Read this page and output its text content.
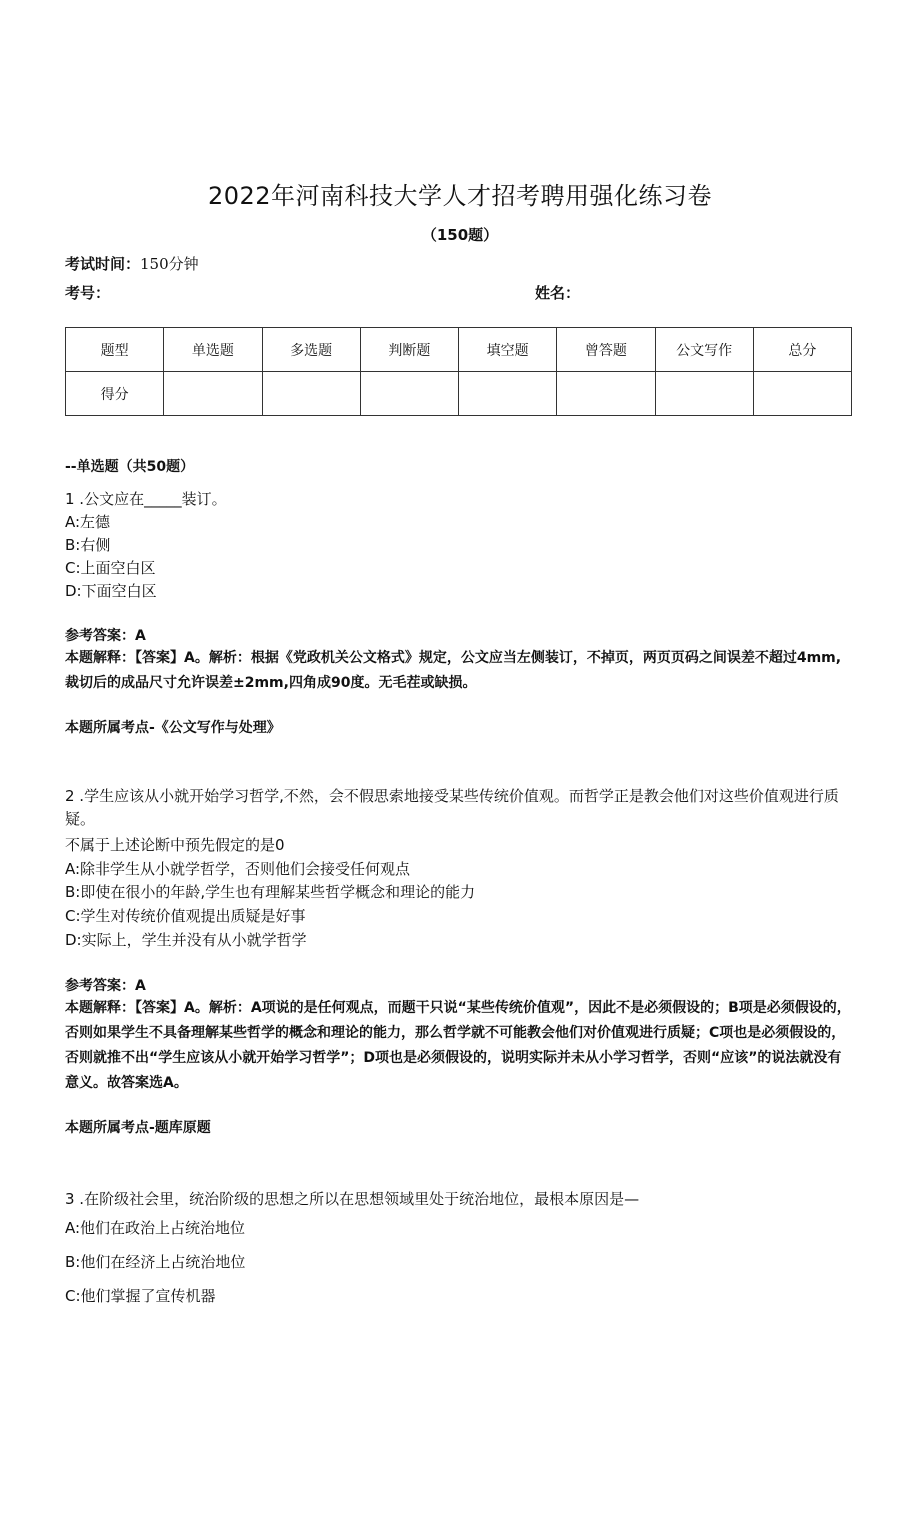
2022年河南科技大学人才招考聘用强化练习卷
（150题）
考试时间：150分钟
考号：	姓名：
题型	单选题	多选题	判断题	填空题	曾答题	公文写作	总分
得分							
--单选题（共50题）
1 .公文应在_____装订。
A:左德
B:右侧
C:上面空白区
D:下面空白区
参考答案：A
本题解释：【答案】A。解析：根据《党政机关公文格式》规定，公文应当左侧装订，不掉页，两页页码之间误差不超过4mm,裁切后的成品尺寸允许误差±2mm,四角成90度。无毛茬或缺损。
本题所属考点-《公文写作与处理》
2 .学生应该从小就开始学习哲学,不然，会不假思索地接受某些传统价值观。而哲学正是教会他们对这些价值观进行质疑。
不属于上述论断中预先假定的是0
A:除非学生从小就学哲学，否则他们会接受任何观点
B:即使在很小的年龄,学生也有理解某些哲学概念和理论的能力
C:学生对传统价值观提出质疑是好事
D:实际上，学生并没有从小就学哲学
参考答案：A
本题解释：【答案】A。解析：A项说的是任何观点，而题干只说“某些传统价值观”，因此不是必须假设的；B项是必须假设的，否则如果学生不具备理解某些哲学的概念和理论的能力，那么哲学就不可能教会他们对价值观进行质疑；C项也是必须假设的，否则就推不出“学生应该从小就开始学习哲学”；D项也是必须假设的，说明实际并未从小学习哲学，否则“应该”的说法就没有意义。故答案选A。
本题所属考点-题库原题
3 .在阶级社会里，统治阶级的思想之所以在思想领域里处于统治地位，最根本原因是—
A:他们在政治上占统治地位
B:他们在经济上占统治地位
C:他们掌握了宣传机器
